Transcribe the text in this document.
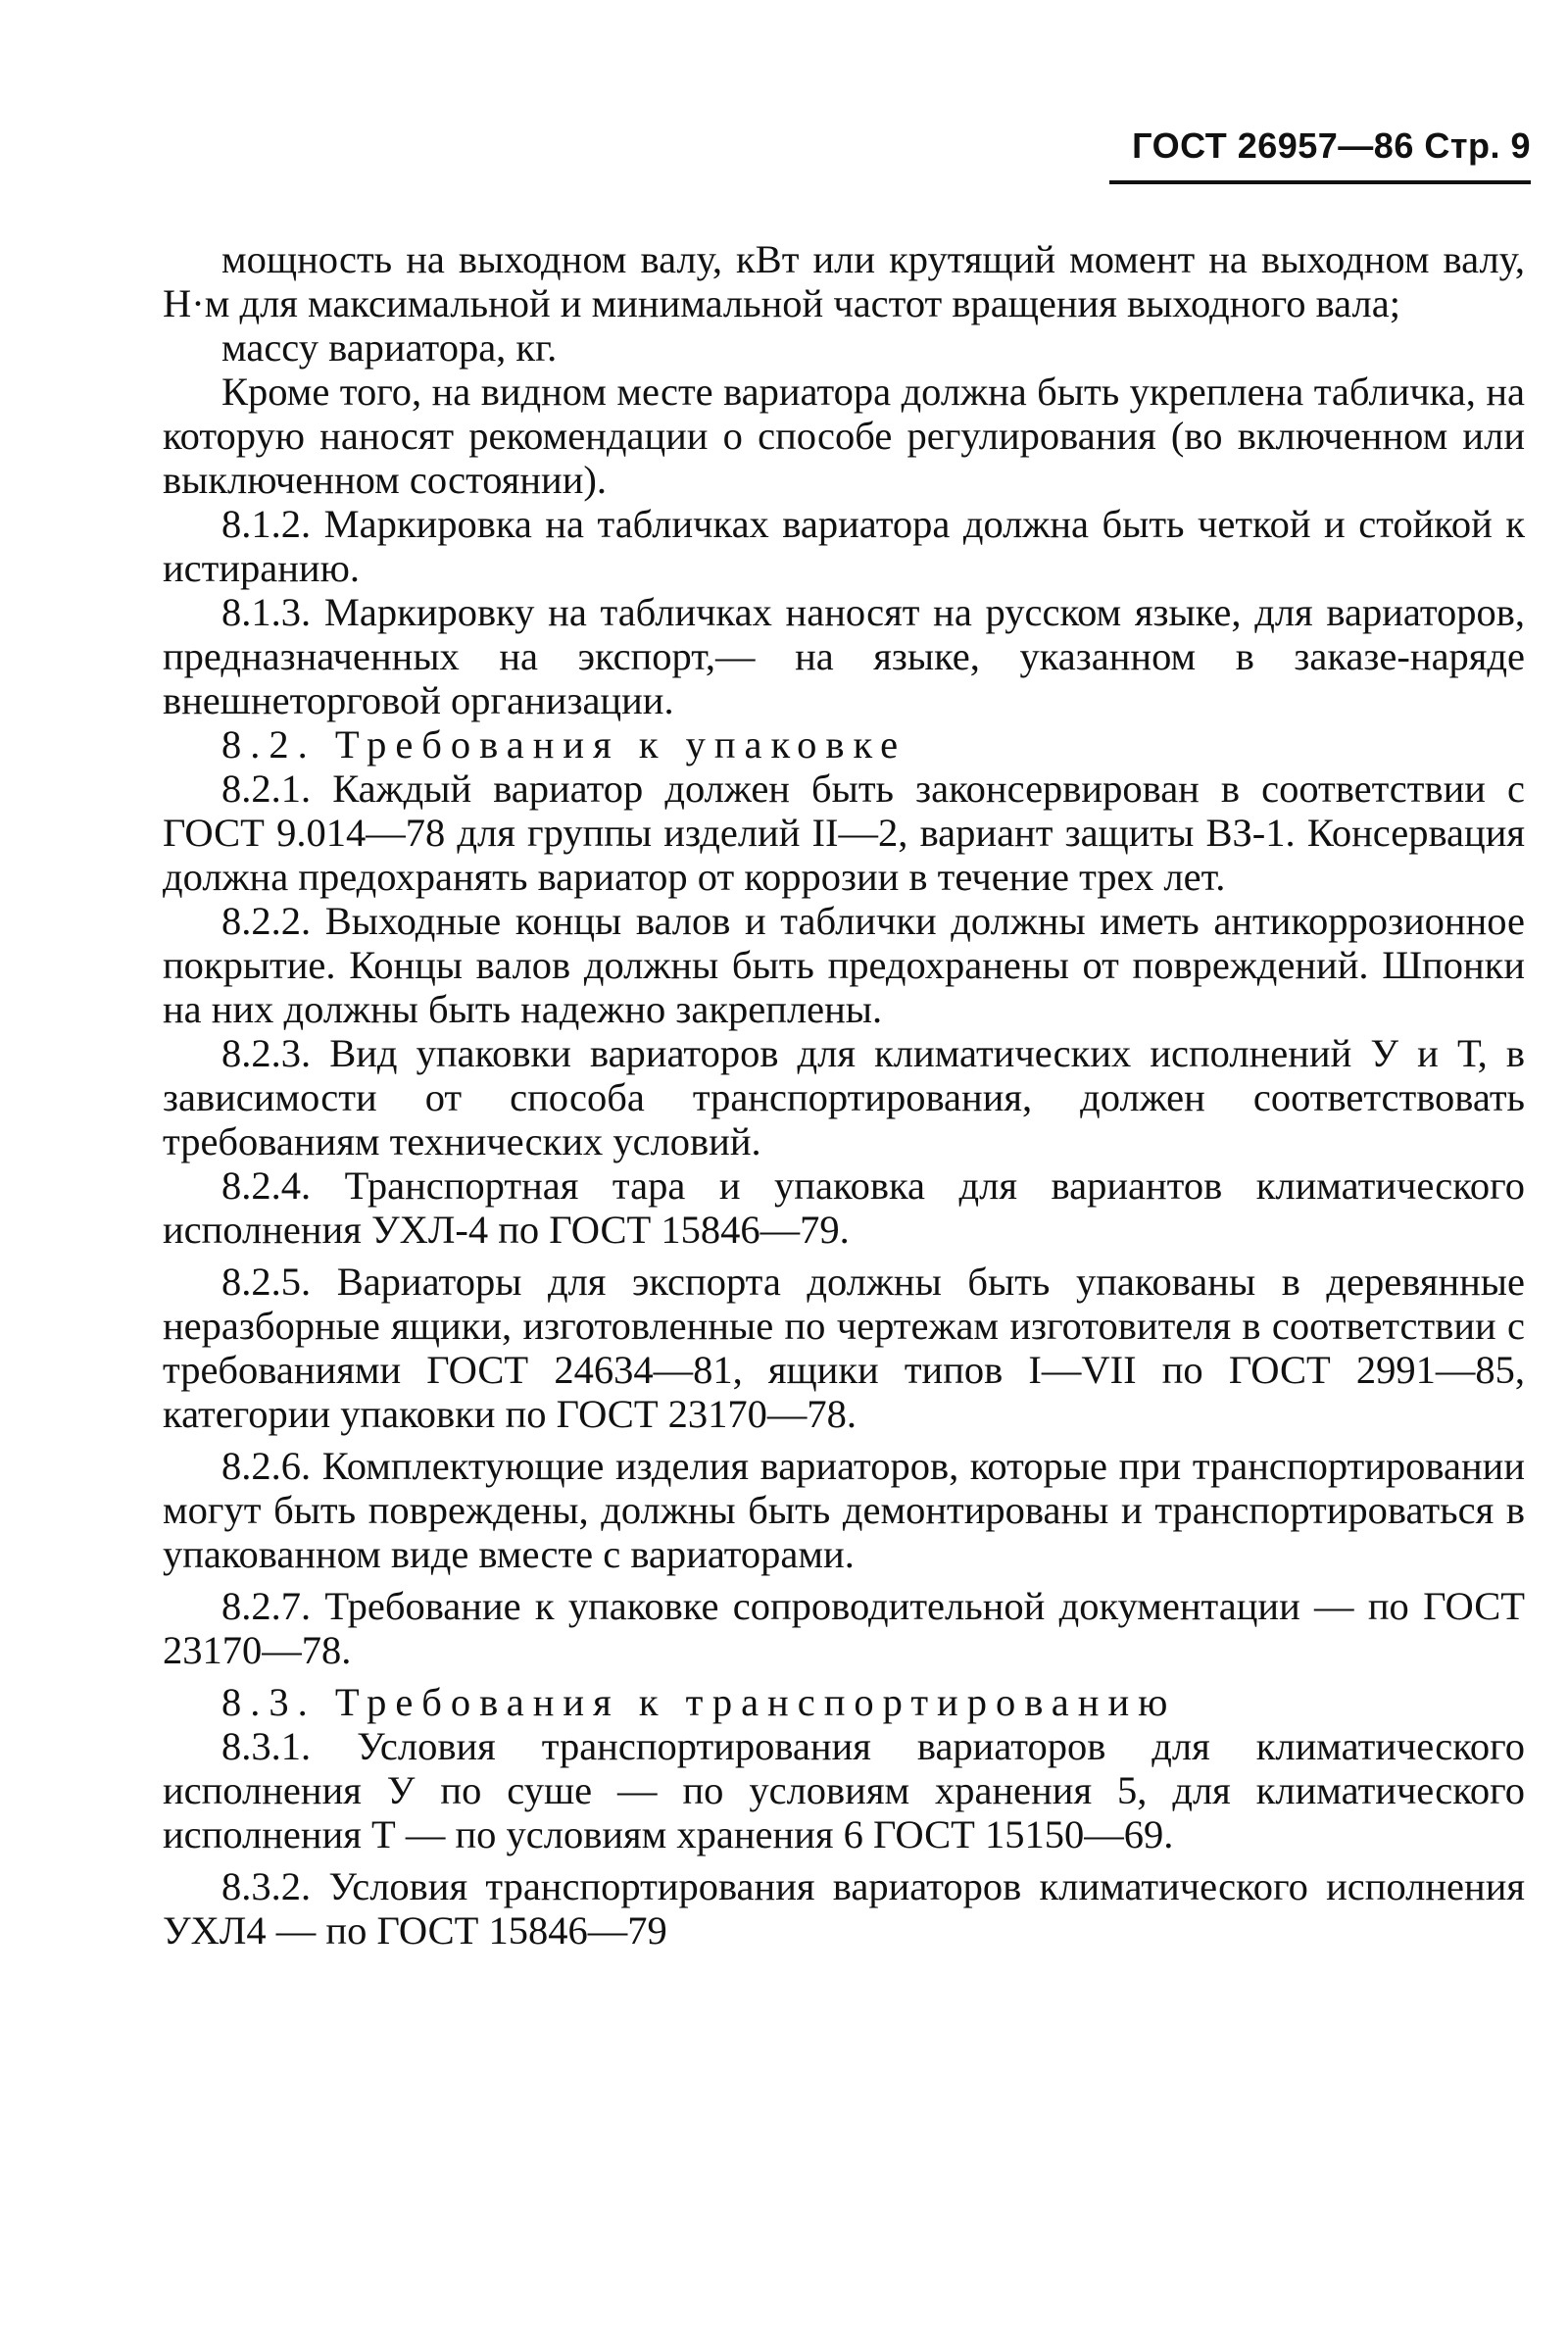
ГОСТ 26957—86 Стр. 9

мощность на выходном валу, кВт или крутящий момент на выходном валу, Н·м для максимальной и минимальной частот вращения выходного вала;

массу вариатора, кг.

Кроме того, на видном месте вариатора должна быть укреплена табличка, на которую наносят рекомендации о способе регулирования (во включенном или выключенном состоянии).

8.1.2. Маркировка на табличках вариатора должна быть четкой и стойкой к истиранию.

8.1.3. Маркировку на табличках наносят на русском языке, для вариаторов, предназначенных на экспорт,— на языке, указанном в заказе-наряде внешнеторговой организации.

8.2. Требования к упаковке

8.2.1. Каждый вариатор должен быть законсервирован в соответствии с ГОСТ 9.014—78 для группы изделий II—2, вариант защиты ВЗ-1. Консервация должна предохранять вариатор от коррозии в течение трех лет.

8.2.2. Выходные концы валов и таблички должны иметь антикоррозионное покрытие. Концы валов должны быть предохранены от повреждений. Шпонки на них должны быть надежно закреплены.

8.2.3. Вид упаковки вариаторов для климатических исполнений У и Т, в зависимости от способа транспортирования, должен соответствовать требованиям технических условий.

8.2.4. Транспортная тара и упаковка для вариантов климатического исполнения УХЛ-4 по ГОСТ 15846—79.

8.2.5. Вариаторы для экспорта должны быть упакованы в деревянные неразборные ящики, изготовленные по чертежам изготовителя в соответствии с требованиями ГОСТ 24634—81, ящики типов I—VII по ГОСТ 2991—85, категории упаковки по ГОСТ 23170—78.

8.2.6. Комплектующие изделия вариаторов, которые при транспортировании могут быть повреждены, должны быть демонтированы и транспортироваться в упакованном виде вместе с вариаторами.

8.2.7. Требование к упаковке сопроводительной документации — по ГОСТ 23170—78.

8.3. Требования к транспортированию

8.3.1. Условия транспортирования вариаторов для климатического исполнения У по суше — по условиям хранения 5, для климатического исполнения Т — по условиям хранения 6 ГОСТ 15150—69.

8.3.2. Условия транспортирования вариаторов климатического исполнения УХЛ4 — по ГОСТ 15846—79
